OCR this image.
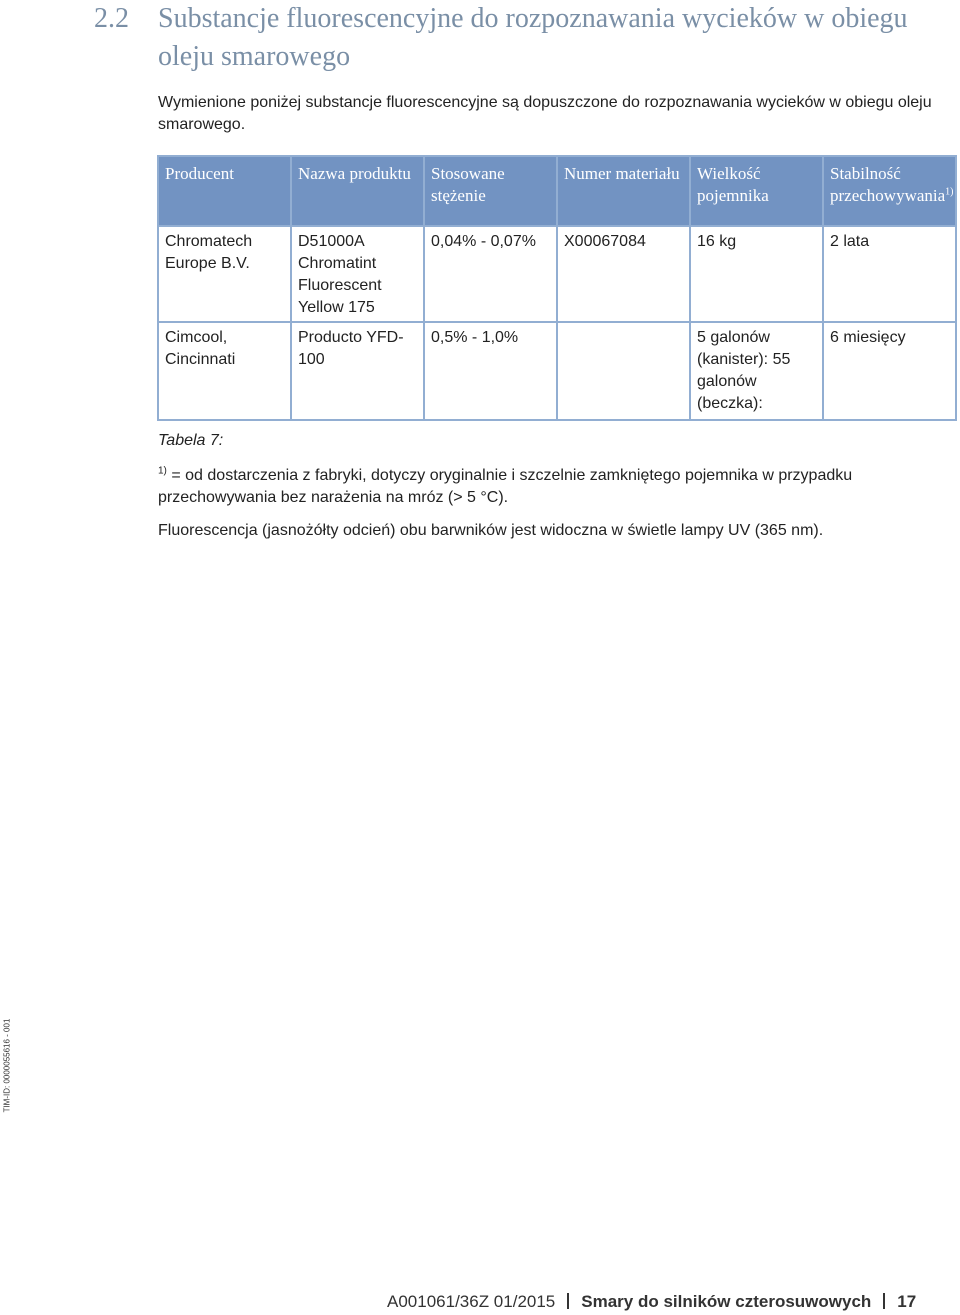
2.2	Substancje fluorescencyjne do rozpoznawania wycieków w obiegu oleju smarowego

Wymienione poniżej substancje fluorescencyjne są dopuszczone do rozpoznawania wycieków w obiegu oleju smarowego.

Producent	Nazwa produktu	Stosowane stężenie	Numer materiału	Wielkość pojemnika	Stabilność przechowywania$^{1)}$
Chromatech Europe B.V.	D51000A Chromatint Fluorescent Yellow 175	0,04% - 0,07%	X00067084	16 kg	2 lata
Cimcool, Cincinnati	Producto YFD-100	0,5% - 1,0%		5 galonów (kanister): 55 galonów (beczka):	6 miesięcy

Tabela 7:

$^{1)}$ = od dostarczenia z fabryki, dotyczy oryginalnie i szczelnie zamkniętego pojemnika w przypadku przechowywania bez narażenia na mróz (> 5 °C).

Fluorescencja (jasnożółty odcień) obu barwników jest widoczna w świetle lampy UV (365 nm).

TIM-ID: 0000055616 - 001
A001061/36Z 01/2015 Smary do silników czterosuwowych 17
